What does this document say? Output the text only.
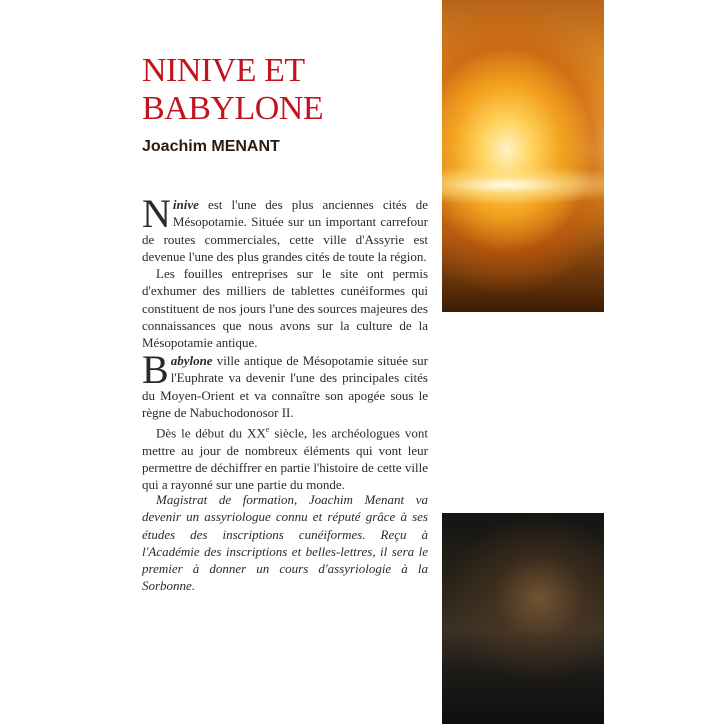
NINIVE ET
BABYLONE
Joachim MENANT

Ninive est l'une des plus anciennes cités de Mésopotamie. Située sur un important carrefour de routes commerciales, cette ville d'Assyrie est devenue l'une des plus grandes cités de toute la région.

Les fouilles entreprises sur le site ont permis d'exhumer des milliers de tablettes cunéiformes qui constituent de nos jours l'une des sources majeures des connaissances que nous avons sur la culture de la Mésopotamie antique.

Babylone ville antique de Mésopotamie située sur l'Euphrate va devenir l'une des principales cités du Moyen-Orient et va connaître son apogée sous le règne de Nabuchodonosor II.

Dès le début du XXe siècle, les archéologues vont mettre au jour de nombreux éléments qui vont leur permettre de déchiffrer en partie l'histoire de cette ville qui a rayonné sur une partie du monde.

Magistrat de formation, Joachim Menant va devenir un assyriologue connu et réputé grâce à ses études des inscriptions cunéiformes. Reçu à l'Académie des inscriptions et belles-lettres, il sera le premier à donner un cours d'assyriologie à la Sorbonne.
